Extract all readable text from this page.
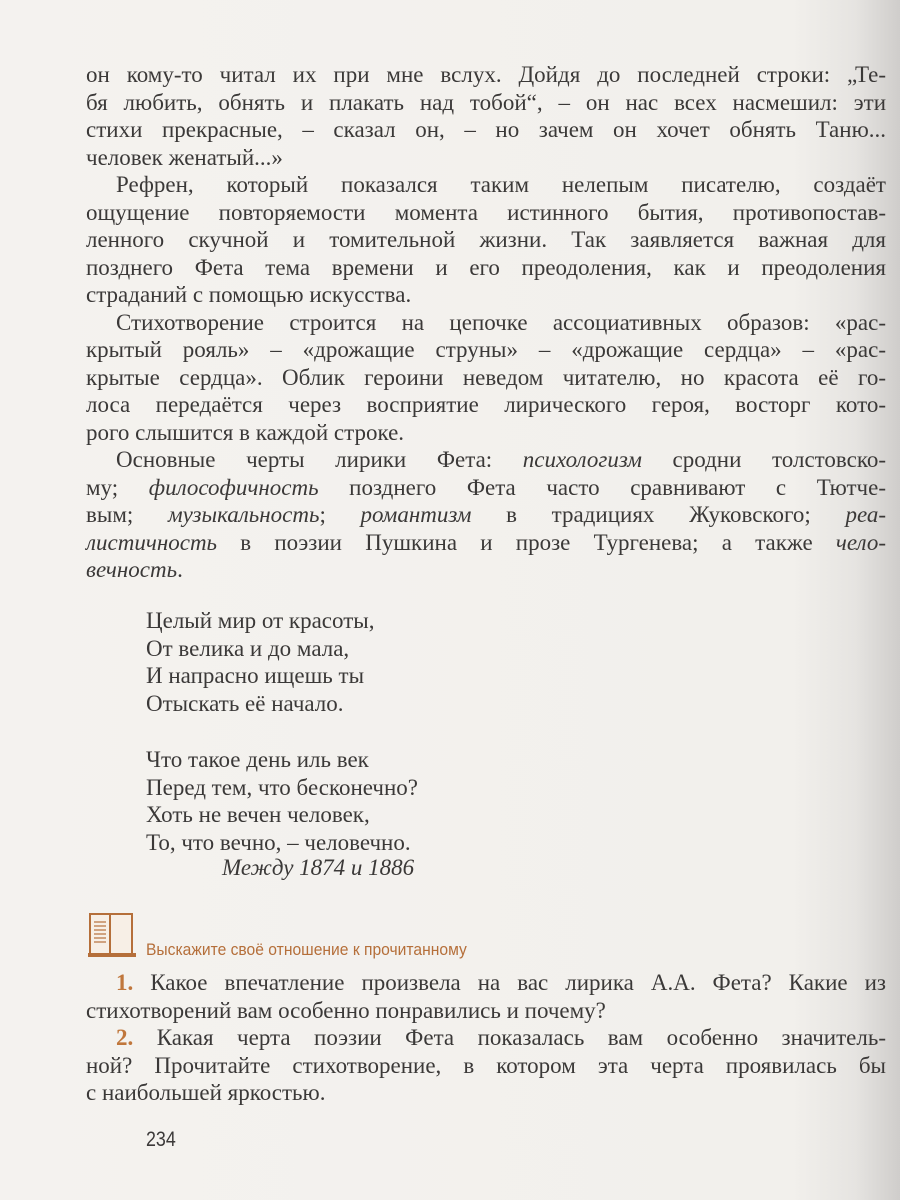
он кому-то читал их при мне вслух. Дойдя до последней строки: „Те-
бя любить, обнять и плакать над тобой“, – он нас всех насмешил: эти
стихи прекрасные, – сказал он, – но зачем он хочет обнять Таню...
человек женатый...»
Рефрен, который показался таким нелепым писателю, создаёт
ощущение повторяемости момента истинного бытия, противопостав-
ленного скучной и томительной жизни. Так заявляется важная для
позднего Фета тема времени и его преодоления, как и преодоления
страданий с помощью искусства.
Стихотворение строится на цепочке ассоциативных образов: «рас-
крытый рояль» – «дрожащие струны» – «дрожащие сердца» – «рас-
крытые сердца». Облик героини неведом читателю, но красота её го-
лоса передаётся через восприятие лирического героя, восторг кото-
рого слышится в каждой строке.
Основные черты лирики Фета: психологизм сродни толстовско-
му; философичность позднего Фета часто сравнивают с Тютче-
вым; музыкальность; романтизм в традициях Жуковского; реа-
листичность в поэзии Пушкина и прозе Тургенева; а также чело-
вечность.
Целый мир от красоты,
От велика и до мала,
И напрасно ищешь ты
Отыскать её начало.
Что такое день иль век
Перед тем, что бесконечно?
Хоть не вечен человек,
То, что вечно, – человечно.
Между 1874 и 1886
Выскажите своё отношение к прочитанному
1. Какое впечатление произвела на вас лирика А.А. Фета? Какие из
стихотворений вам особенно понравились и почему?
2. Какая черта поэзии Фета показалась вам особенно значитель-
ной? Прочитайте стихотворение, в котором эта черта проявилась бы
с наибольшей яркостью.
234
